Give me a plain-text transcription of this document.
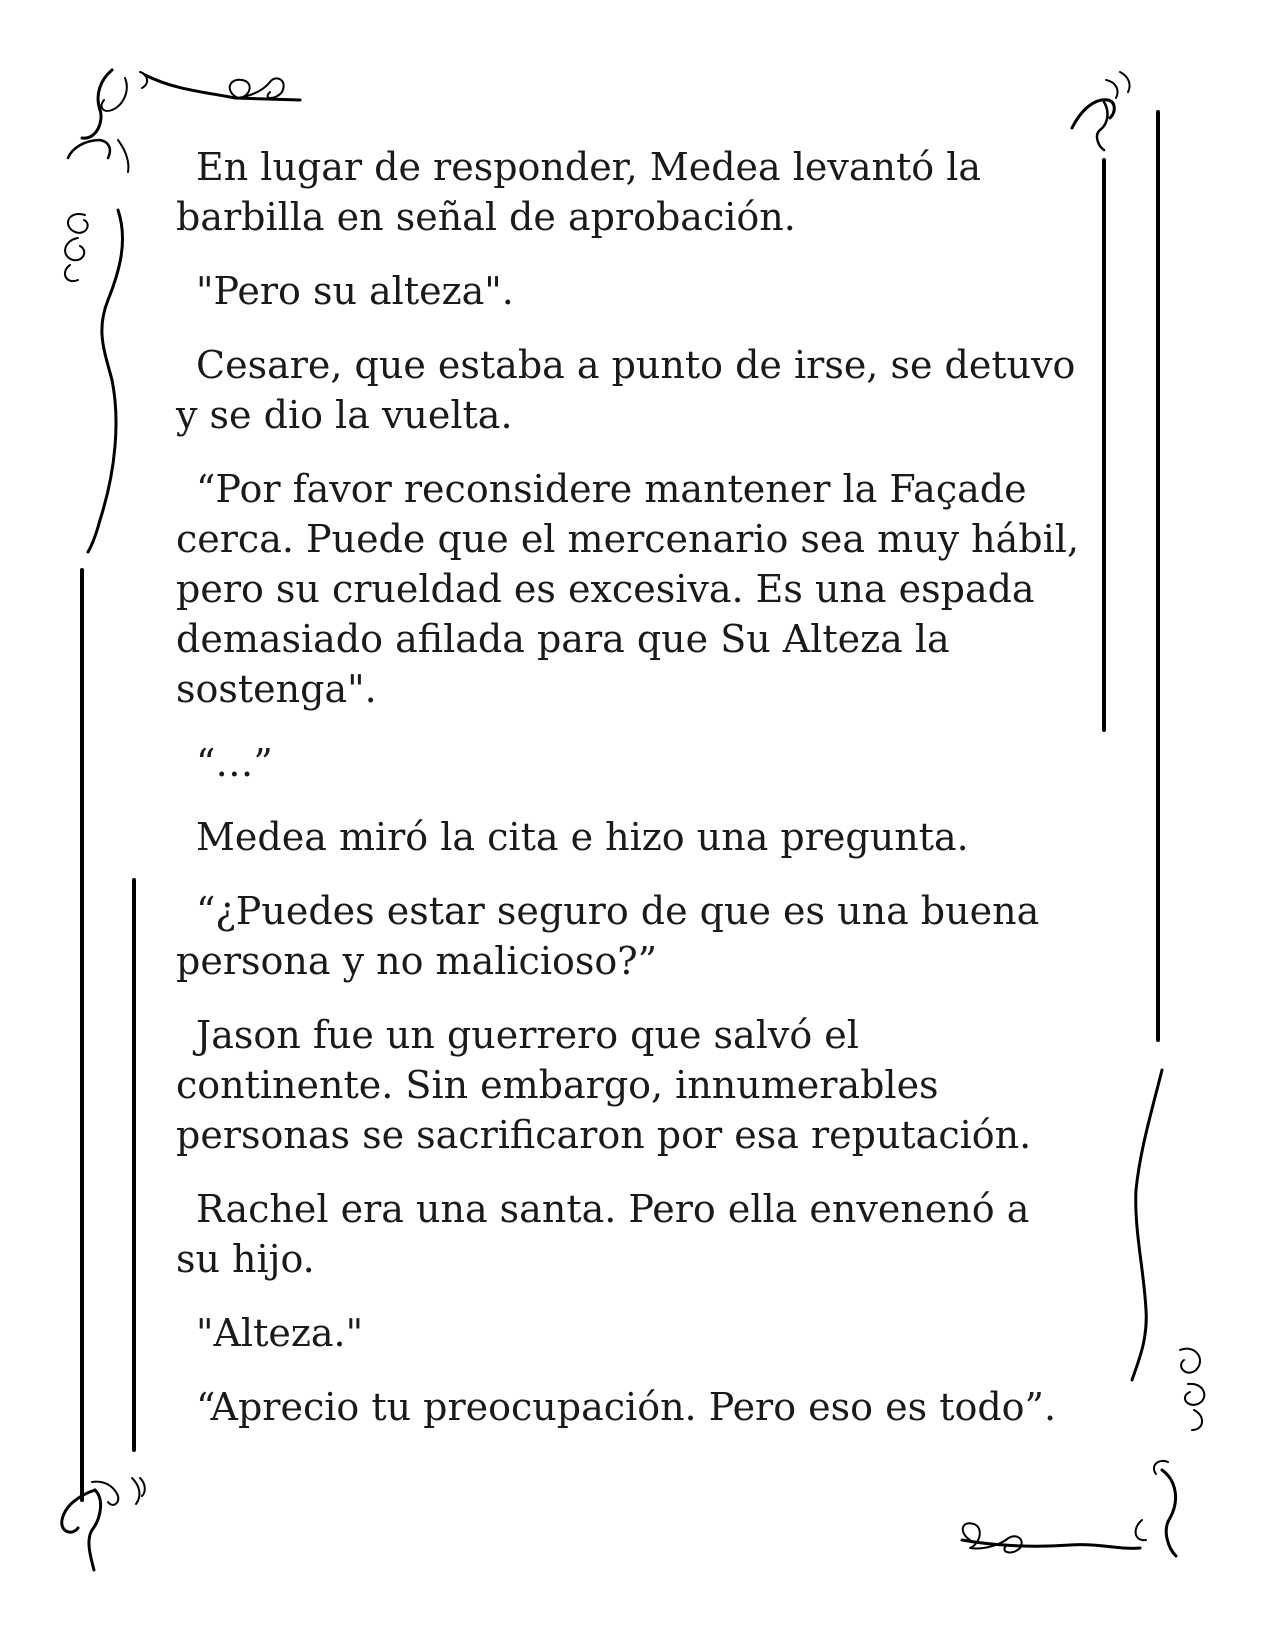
En lugar de responder, Medea levantó la
barbilla en señal de aprobación.

"Pero su alteza".

Cesare, que estaba a punto de irse, se detuvo
y se dio la vuelta.

“Por favor reconsidere mantener la Façade
cerca. Puede que el mercenario sea muy hábil,
pero su crueldad es excesiva. Es una espada
demasiado afilada para que Su Alteza la
sostenga".

“…”

Medea miró la cita e hizo una pregunta.

“¿Puedes estar seguro de que es una buena
persona y no malicioso?”

Jason fue un guerrero que salvó el
continente. Sin embargo, innumerables
personas se sacrificaron por esa reputación.

Rachel era una santa. Pero ella envenenó a
su hijo.

"Alteza."

“Aprecio tu preocupación. Pero eso es todo”.
